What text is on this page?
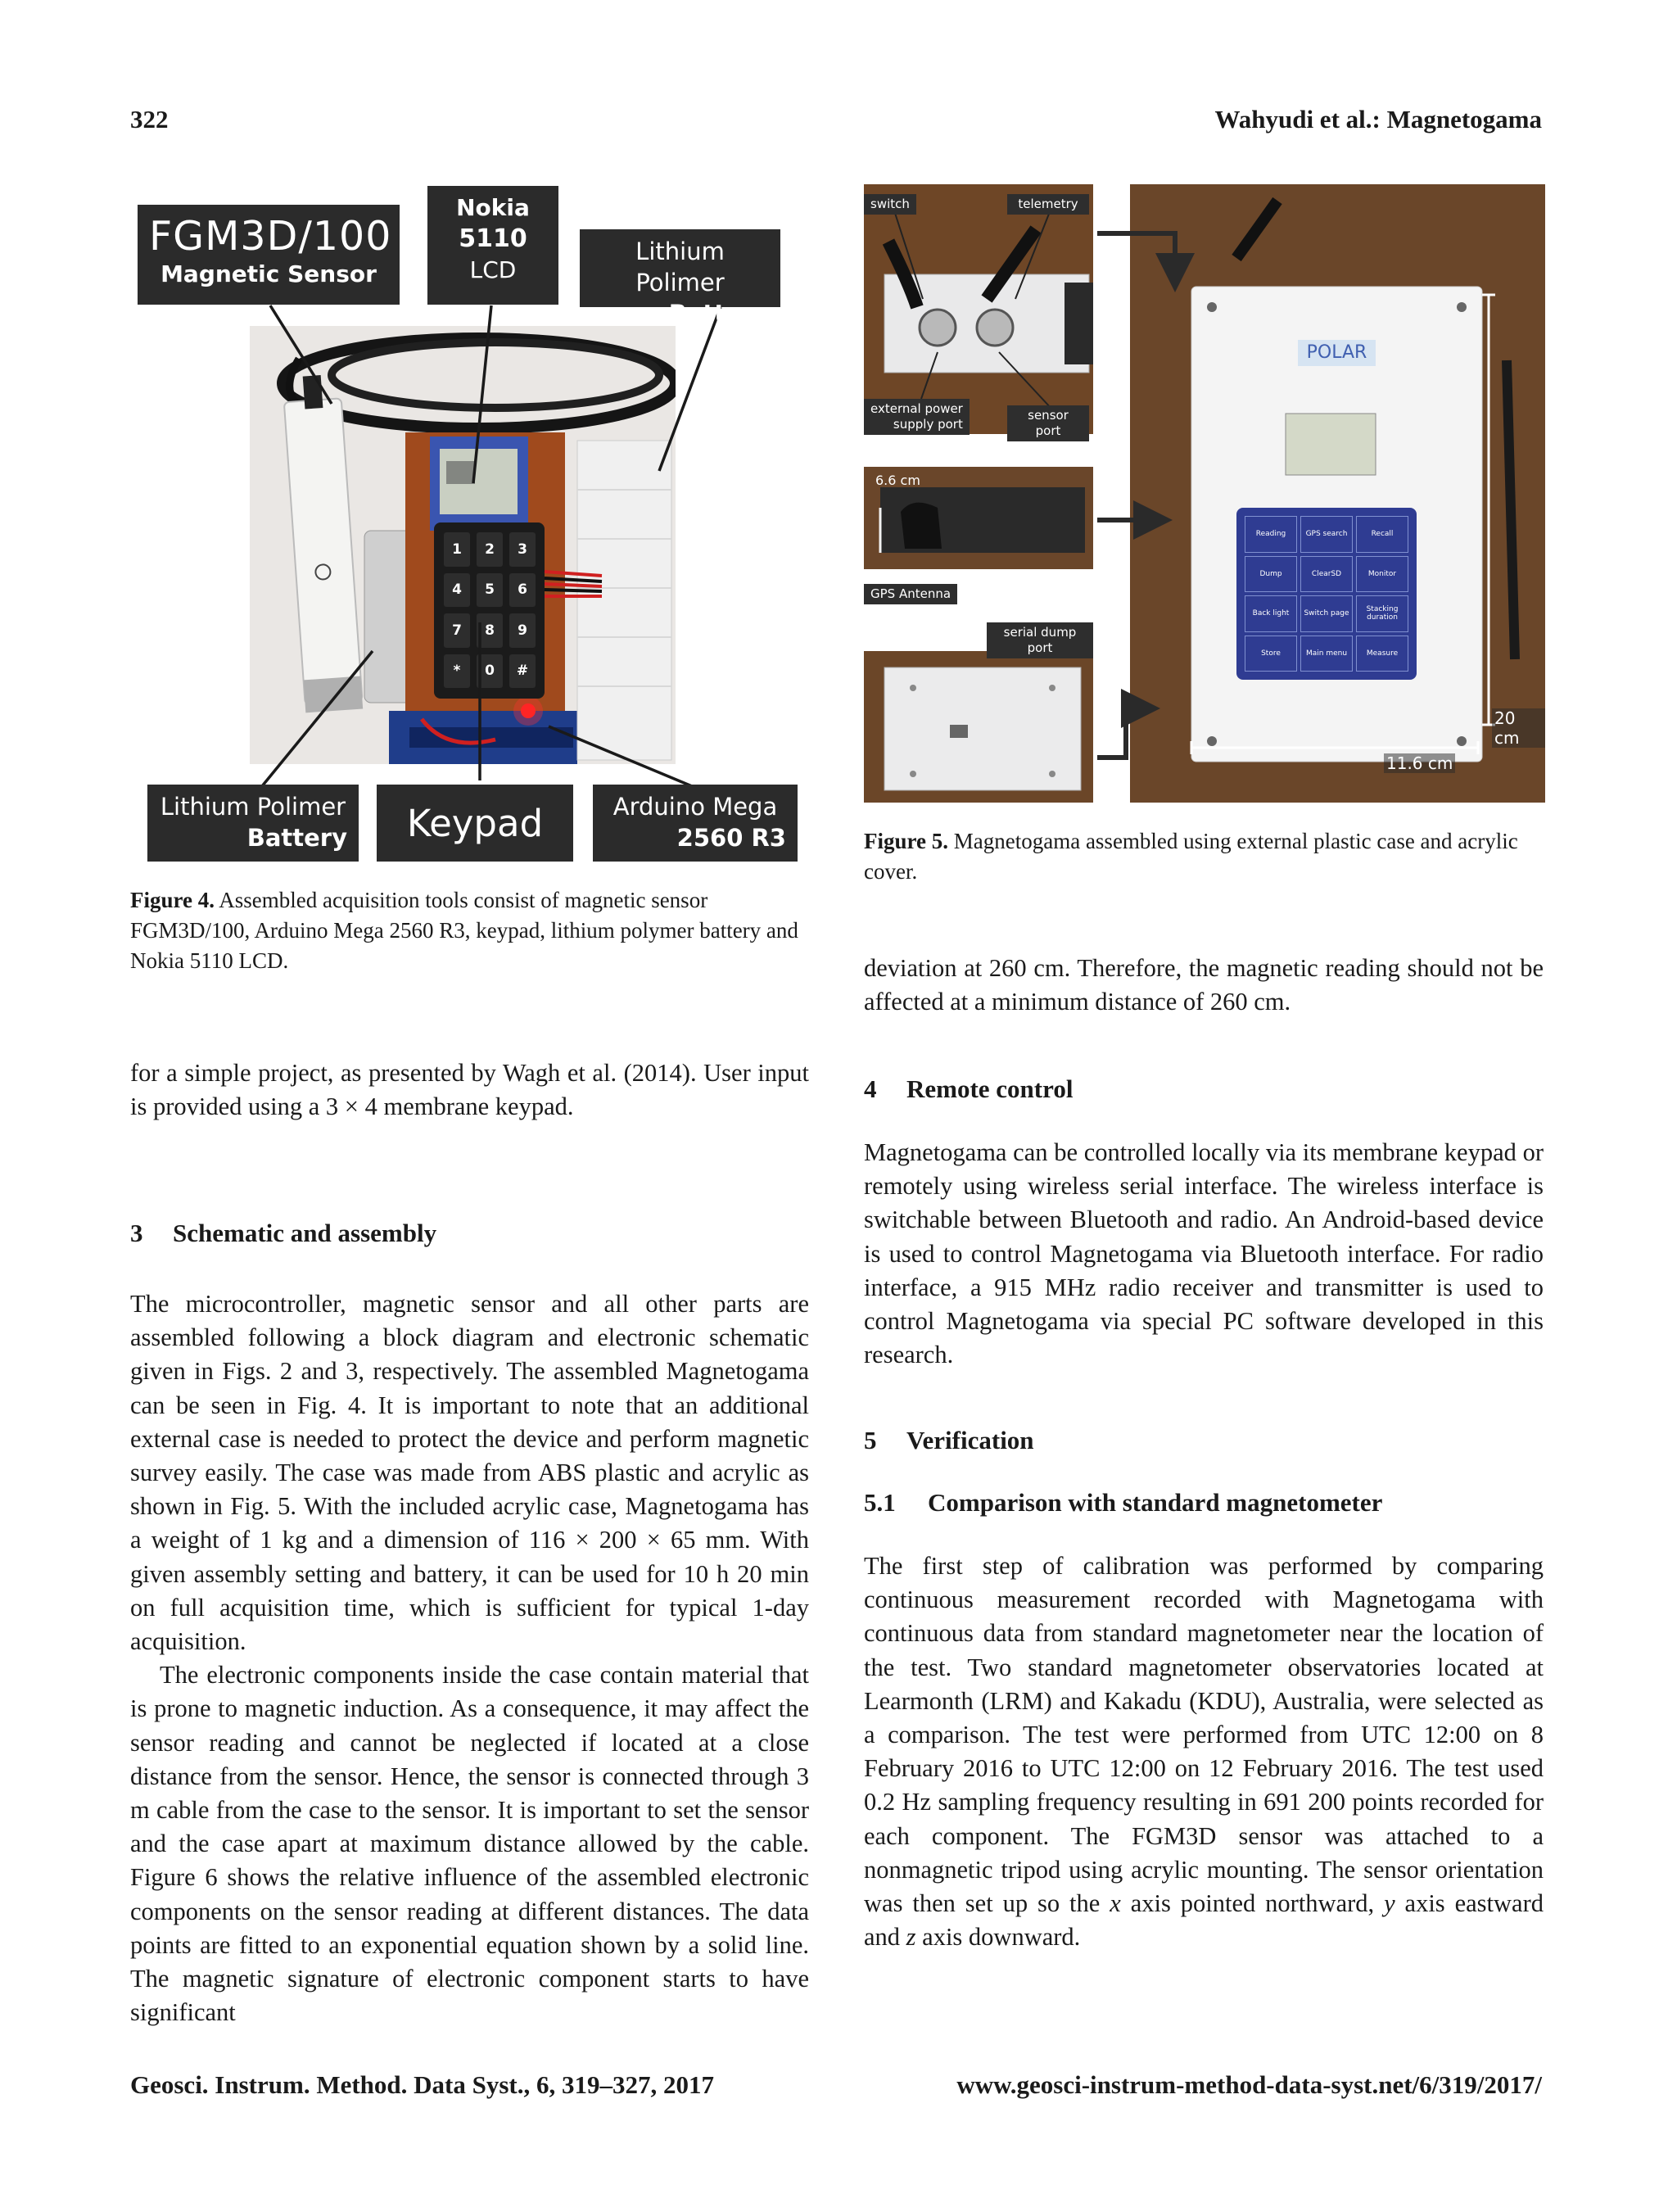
322	Wahyudi et al.: Magnetogama
1	2	3
4	5	6
7	8	9
*	0	#
FGM3D/100
Magnetic Sensor
Nokia
5110
LCD
Lithium Polimer
Battery
Lithium Polimer
Battery	Keypad	Arduino Mega
2560 R3
Figure 4. Assembled acquisition tools consist of magnetic sensor FGM3D/100, Arduino Mega 2560 R3, keypad, lithium polymer battery and Nokia 5110 LCD.
POLAR
Reading	GPS search	Recall
Dump	ClearSD	Monitor
Back light	Switch page	Stacking duration
Store	Main menu	Measure
20 cm
11.6 cm
switch	telemetry
external power
supply port
sensor port
6.6 cm
GPS Antenna
serial dump port
Figure 5. Magnetogama assembled using external plastic case and acrylic cover.

for a simple project, as presented by Wagh et al. (2014). User input is provided using a 3 × 4 membrane keypad.

3 Schematic and assembly

The microcontroller, magnetic sensor and all other parts are assembled following a block diagram and electronic schematic given in Figs. 2 and 3, respectively. The assembled Magnetogama can be seen in Fig. 4. It is important to note that an additional external case is needed to protect the device and perform magnetic survey easily. The case was made from ABS plastic and acrylic as shown in Fig. 5. With the included acrylic case, Magnetogama has a weight of 1 kg and a dimension of 116 × 200 × 65 mm. With given assembly setting and battery, it can be used for 10 h 20 min on full acquisition time, which is sufficient for typical 1-day acquisition.

The electronic components inside the case contain material that is prone to magnetic induction. As a consequence, it may affect the sensor reading and cannot be neglected if located at a close distance from the sensor. Hence, the sensor is connected through 3 m cable from the case to the sensor. It is important to set the sensor and the case apart at maximum distance allowed by the cable. Figure 6 shows the relative influence of the assembled electronic components on the sensor reading at different distances. The data points are fitted to an exponential equation shown by a solid line. The magnetic signature of electronic component starts to have significant

deviation at 260 cm. Therefore, the magnetic reading should not be affected at a minimum distance of 260 cm.

4 Remote control

Magnetogama can be controlled locally via its membrane keypad or remotely using wireless serial interface. The wireless interface is switchable between Bluetooth and radio. An Android-based device is used to control Magnetogama via Bluetooth interface. For radio interface, a 915 MHz radio receiver and transmitter is used to control Magnetogama via special PC software developed in this research.

5 Verification
5.1 Comparison with standard magnetometer

The first step of calibration was performed by comparing continuous measurement recorded with Magnetogama with continuous data from standard magnetometer near the location of the test. Two standard magnetometer observatories located at Learmonth (LRM) and Kakadu (KDU), Australia, were selected as a comparison. The test were performed from UTC 12:00 on 8 February 2016 to UTC 12:00 on 12 February 2016. The test used 0.2 Hz sampling frequency resulting in 691 200 points recorded for each component. The FGM3D sensor was attached to a nonmagnetic tripod using acrylic mounting. The sensor orientation was then set up so the x axis pointed northward, y axis eastward and z axis downward.

Geosci. Instrum. Method. Data Syst., 6, 319–327, 2017	www.geosci-instrum-method-data-syst.net/6/319/2017/
